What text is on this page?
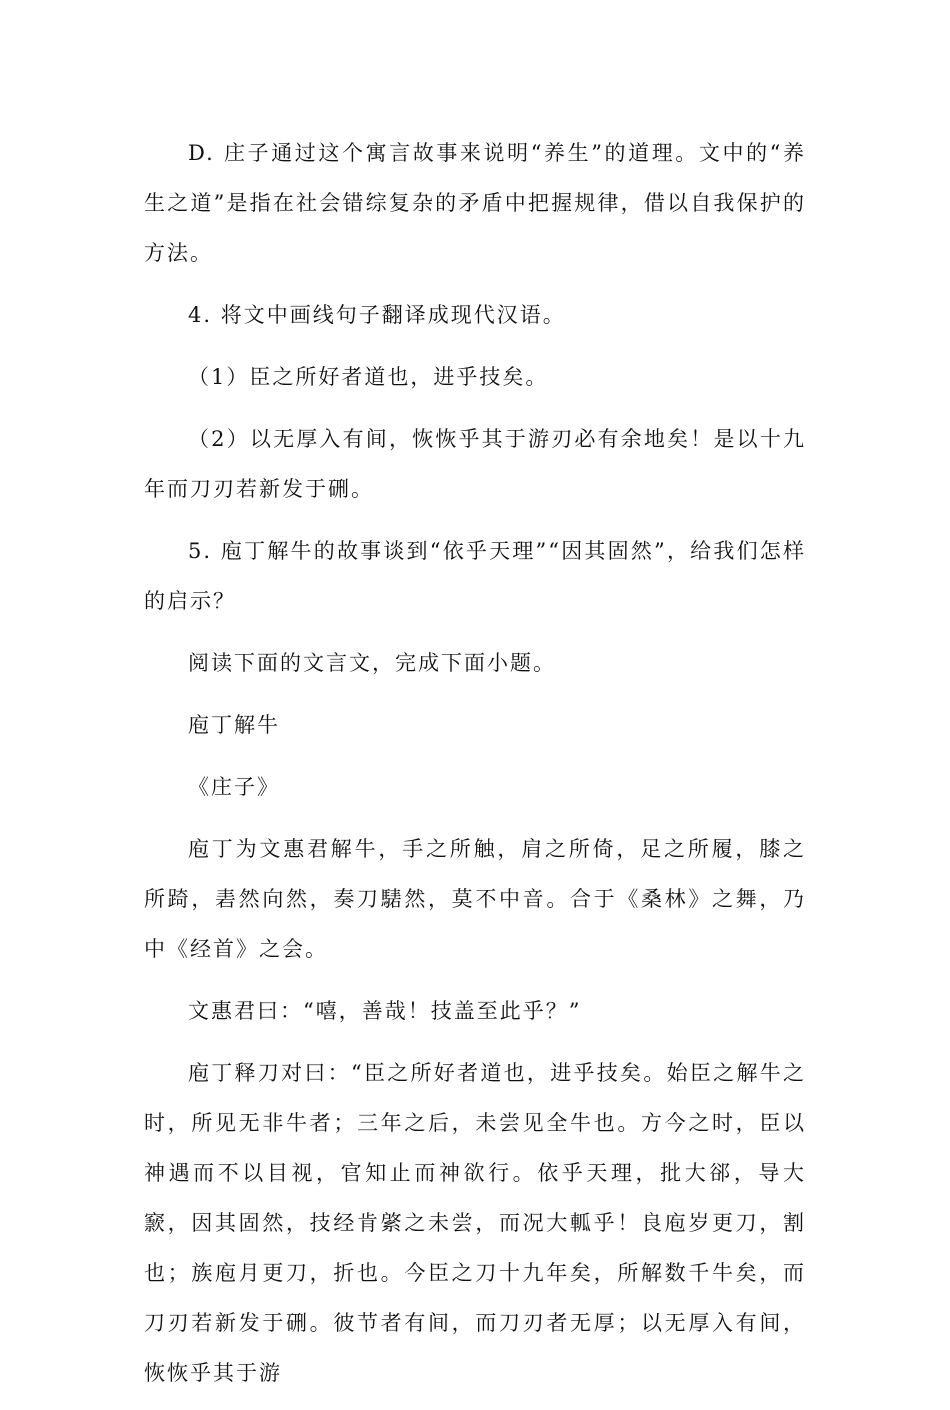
D. 庄子通过这个寓言故事来说明“养生”的道理。文中的“养生之道”是指在社会错综复杂的矛盾中把握规律，借以自我保护的方法。

4. 将文中画线句子翻译成现代汉语。

（1）臣之所好者道也，进乎技矣。

（2）以无厚入有间，恢恢乎其于游刃必有余地矣！是以十九年而刀刃若新发于硎。

5. 庖丁解牛的故事谈到“依乎天理”“因其固然”，给我们怎样的启示？

阅读下面的文言文，完成下面小题。

庖丁解牛

《庄子》

庖丁为文惠君解牛，手之所触，肩之所倚，足之所履，膝之所踦，砉然向然，奏刀騞然，莫不中音。合于《桑林》之舞，乃中《经首》之会。

文惠君曰：“嘻，善哉！技盖至此乎？”

庖丁释刀对曰：“臣之所好者道也，进乎技矣。始臣之解牛之时，所见无非牛者；三年之后，未尝见全牛也。方今之时，臣以神遇而不以目视，官知止而神欲行。依乎天理，批大郤，导大窾，因其固然，技经肯綮之未尝，而况大軱乎！良庖岁更刀，割也；族庖月更刀，折也。今臣之刀十九年矣，所解数千牛矣，而刀刃若新发于硎。彼节者有间，而刀刃者无厚；以无厚入有间，恢恢乎其于游
